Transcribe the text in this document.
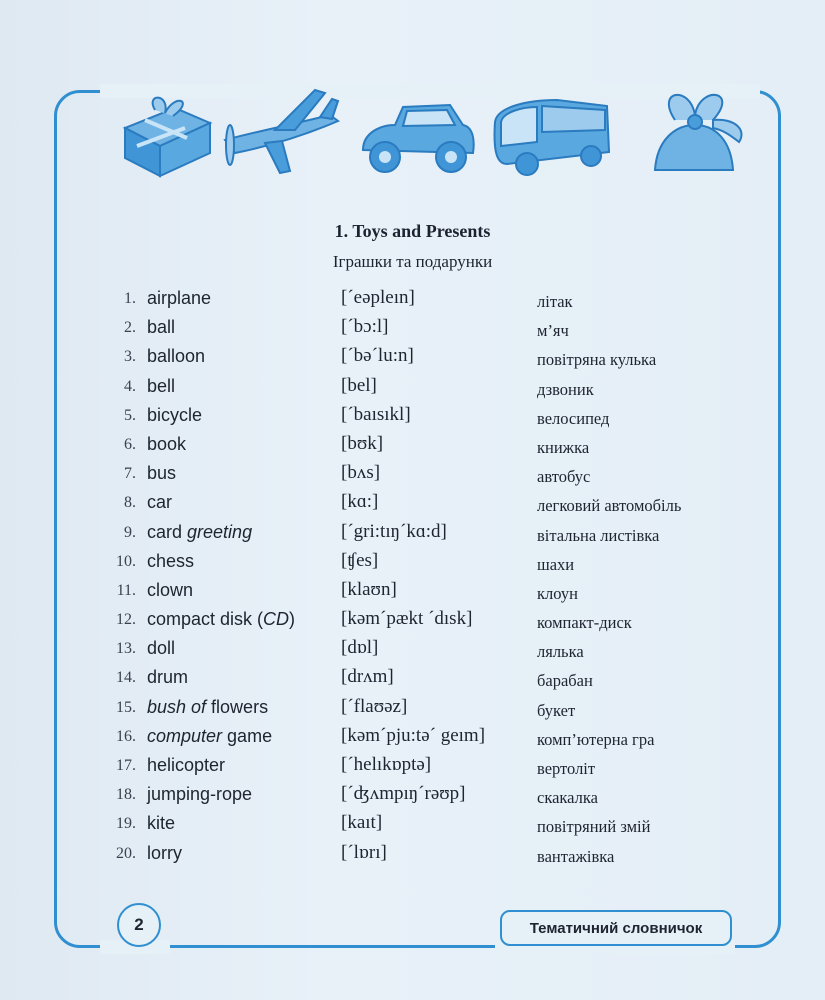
1. Toys and Presents
Іграшки та подарунки
1. airplane	[´eəpleın]	літак
2. ball	[´bɔ:l]	м’яч
3. balloon	[´bə´lu:n]	повітряна кулька
4. bell	[bel]	дзвоник
5. bicycle	[´baısıkl]	велосипед
6. book	[bʊk]	книжка
7. bus	[bʌs]	автобус
8. car	[kɑ:]	легковий автомобіль
9. card greeting	[´gri:tıŋ´kɑ:d]	вітальна листівка
10. chess	[ʧes]	шахи
11. clown	[klaʊn]	клоун
12. compact disk (CD) [kəm´pækt ´dısk]	компакт-диск
13. doll	[dɒl]	лялька
14. drum	[drʌm]	барабан
15. bush of flowers	[´flaʊəz]	букет
16. computer game	[kəm´pju:tə´ geım]	комп’ютерна гра
17. helicopter	[´helıkɒptə]	вертоліт
18. jumping-rope	[´ʤʌmpıŋ´rəʊp]	скакалка
19. kite	[kaıt]	повітряний змій
20. lorry	[´lɒrı]	вантажівка
2	Тематичний словничок
